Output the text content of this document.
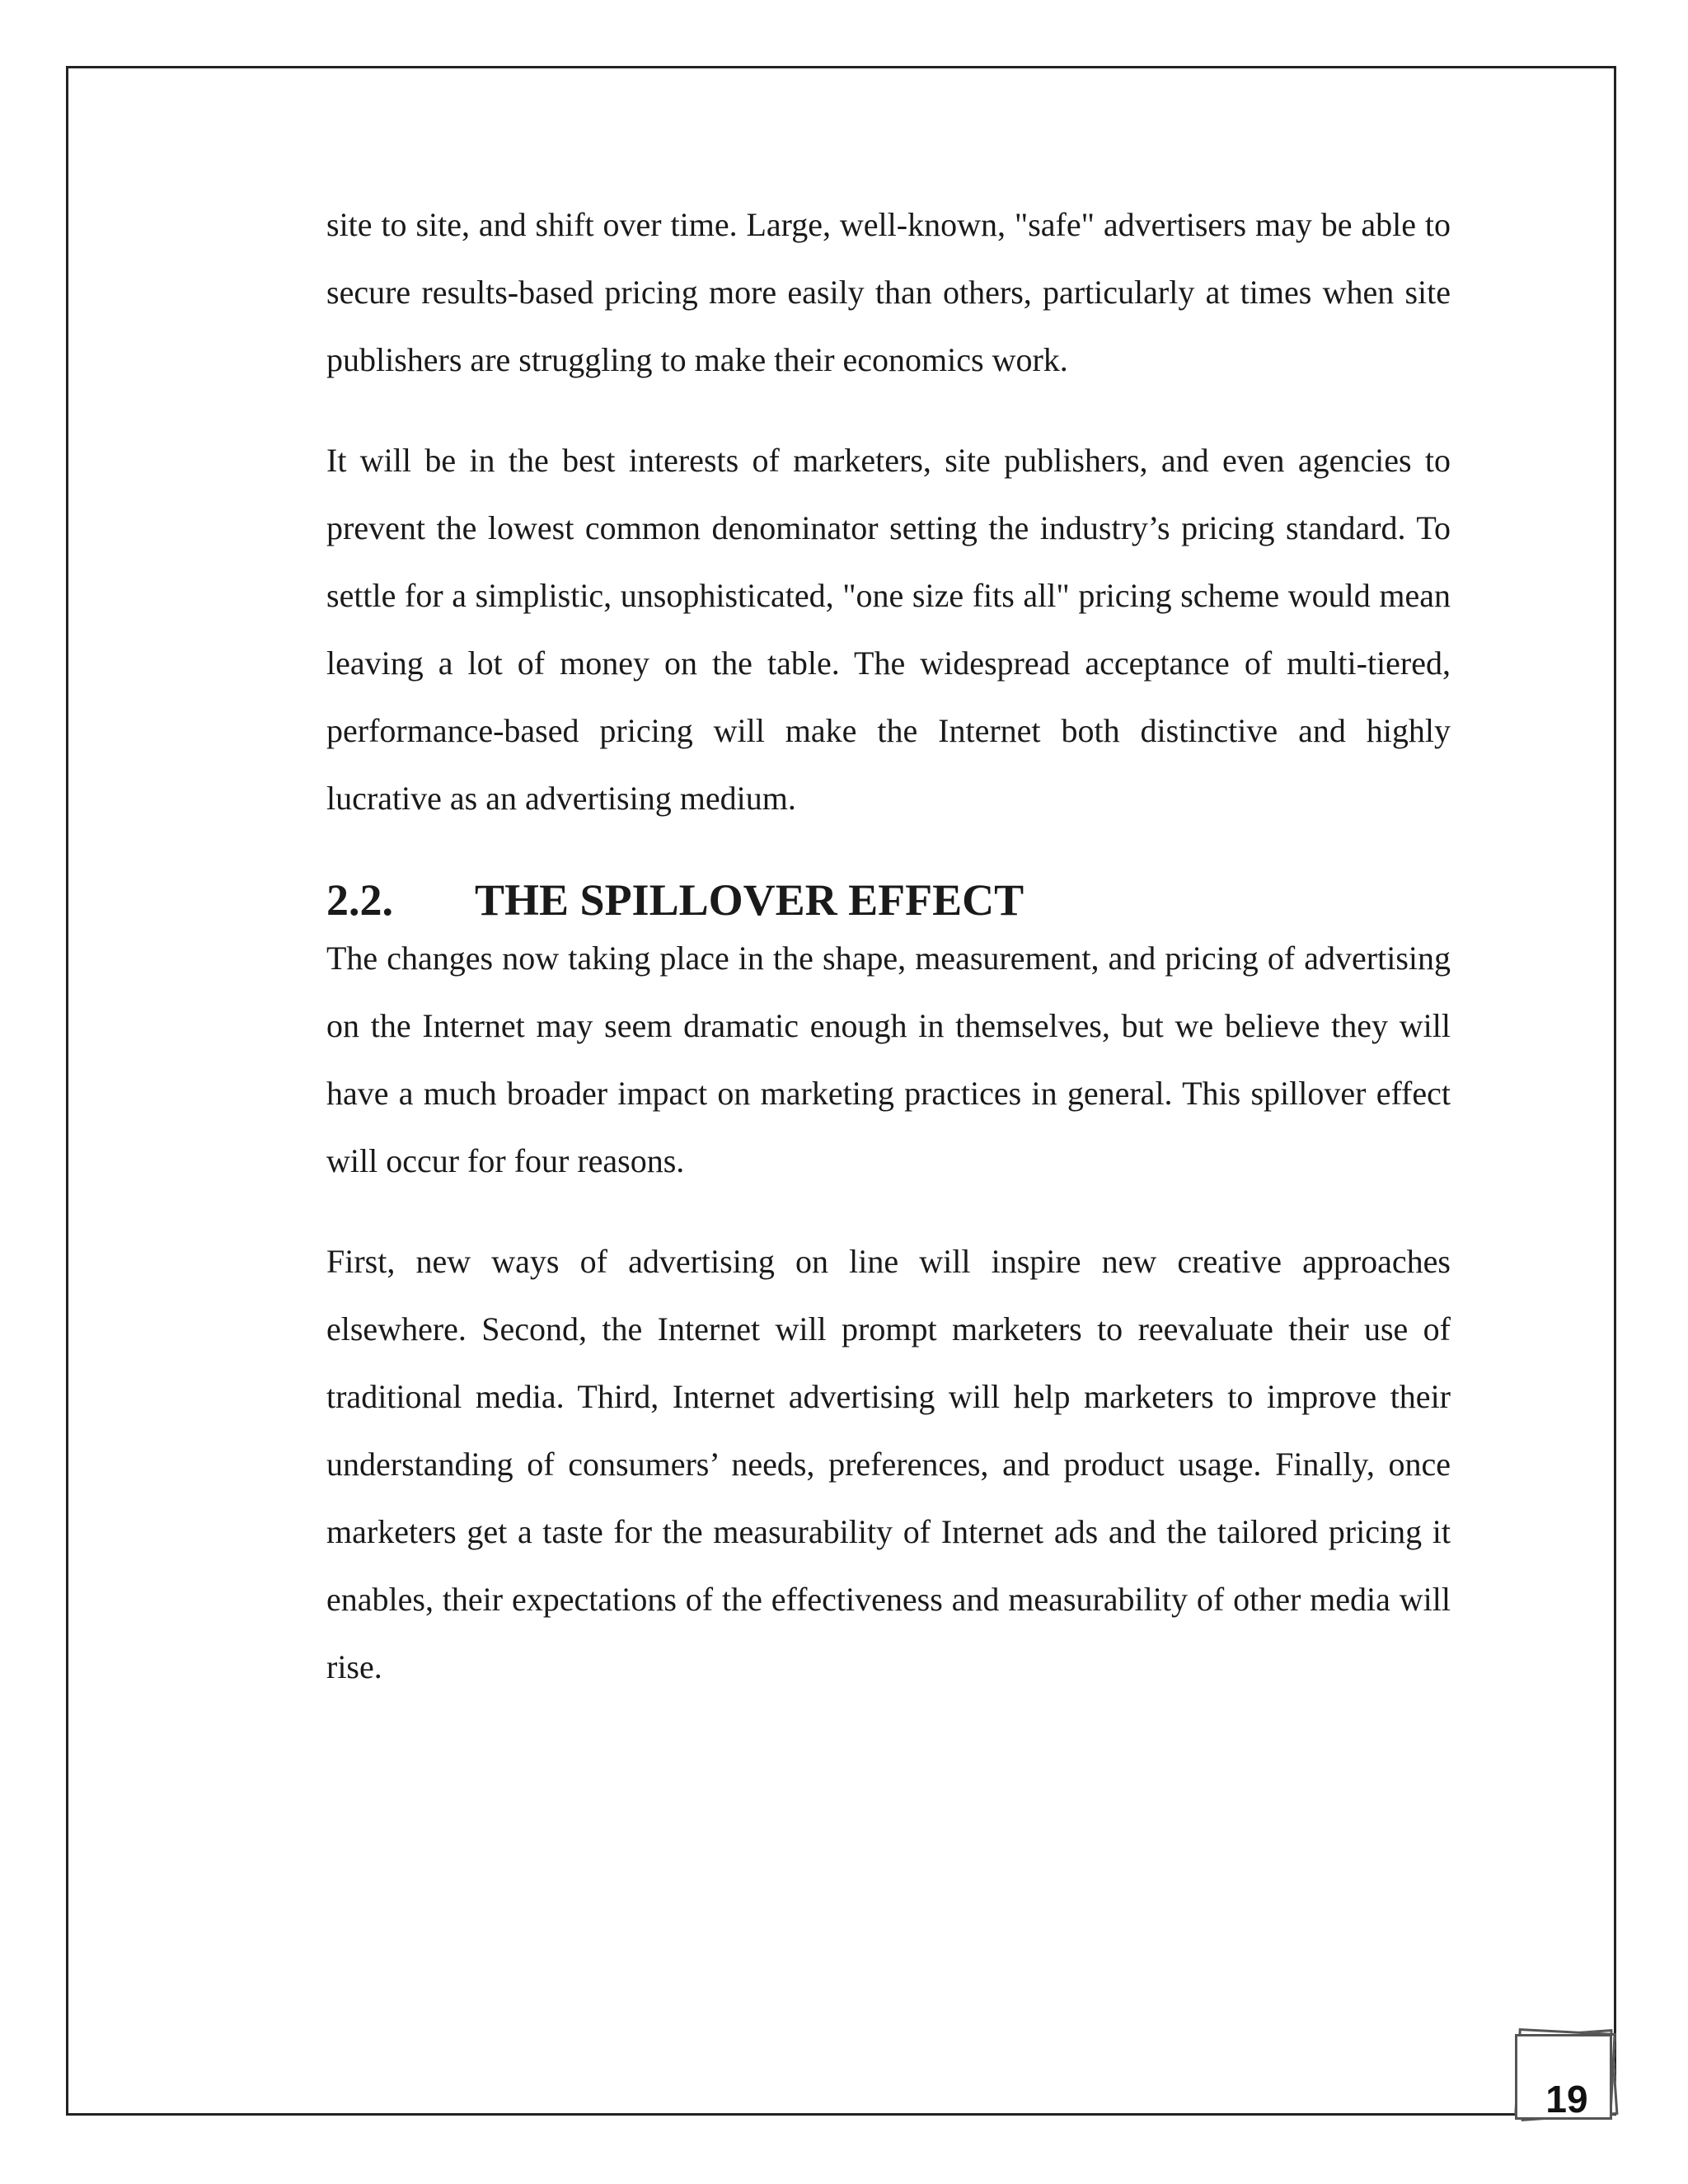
site to site, and shift over time. Large, well-known, "safe" advertisers may be able to secure results-based pricing more easily than others, particularly at times when site publishers are struggling to make their economics work.

It will be in the best interests of marketers, site publishers, and even agencies to prevent the lowest common denominator setting the industry’s pricing standard. To settle for a simplistic, unsophisticated, "one size fits all" pricing scheme would mean leaving a lot of money on the table. The widespread acceptance of multi-tiered, performance-based pricing will make the Internet both distinctive and highly lucrative as an advertising medium.

2.2.	THE SPILLOVER EFFECT

The changes now taking place in the shape, measurement, and pricing of advertising on the Internet may seem dramatic enough in themselves, but we believe they will have a much broader impact on marketing practices in general. This spillover effect will occur for four reasons.

First, new ways of advertising on line will inspire new creative approaches elsewhere. Second, the Internet will prompt marketers to reevaluate their use of traditional media. Third, Internet advertising will help marketers to improve their understanding of consumers’ needs, preferences, and product usage. Finally, once marketers get a taste for the measurability of Internet ads and the tailored pricing it enables, their expectations of the effectiveness and measurability of other media will rise.

19
